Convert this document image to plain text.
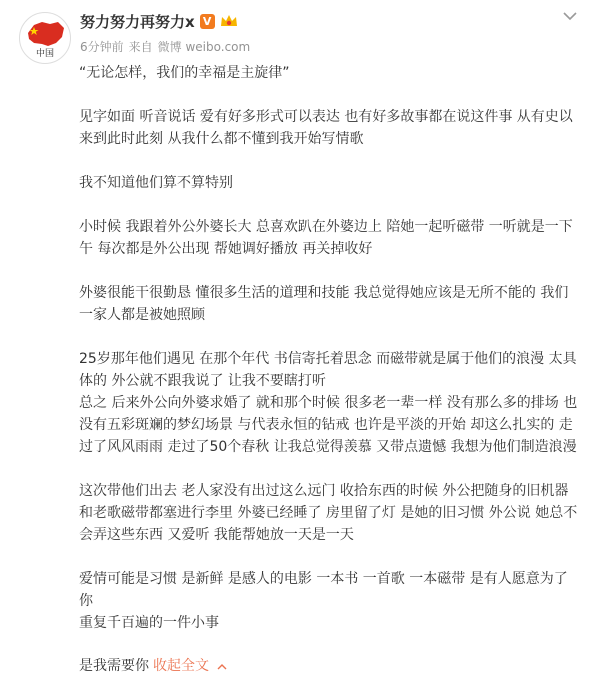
中国
努力努力再努力x V
6分钟前 来自 微博 weibo.com

“无论怎样，我们的幸福是主旋律”

见字如面 听音说话 爱有好多形式可以表达 也有好多故事都在说这件事 从有史以
来到此时此刻 从我什么都不懂到我开始写情歌

我不知道他们算不算特别

小时候 我跟着外公外婆长大 总喜欢趴在外婆边上 陪她一起听磁带 一听就是一下
午 每次都是外公出现 帮她调好播放 再关掉收好

外婆很能干很勤恳 懂很多生活的道理和技能 我总觉得她应该是无所不能的 我们
一家人都是被她照顾

25岁那年他们遇见 在那个年代 书信寄托着思念 而磁带就是属于他们的浪漫 太具
体的 外公就不跟我说了 让我不要瞎打听
总之 后来外公向外婆求婚了 就和那个时候 很多老一辈一样 没有那么多的排场 也
没有五彩斑斓的梦幻场景 与代表永恒的钻戒 也许是平淡的开始 却这么扎实的 走
过了风风雨雨 走过了50个春秋 让我总觉得羡慕 又带点遗憾 我想为他们制造浪漫

这次带他们出去 老人家没有出过这么远门 收拾东西的时候 外公把随身的旧机器
和老歌磁带都塞进行李里 外婆已经睡了 房里留了灯 是她的旧习惯 外公说 她总不
会弄这些东西 又爱听 我能帮她放一天是一天

爱情可能是习惯 是新鲜 是感人的电影 一本书 一首歌 一本磁带 是有人愿意为了你
重复千百遍的一件小事

是我需要你 收起全文
